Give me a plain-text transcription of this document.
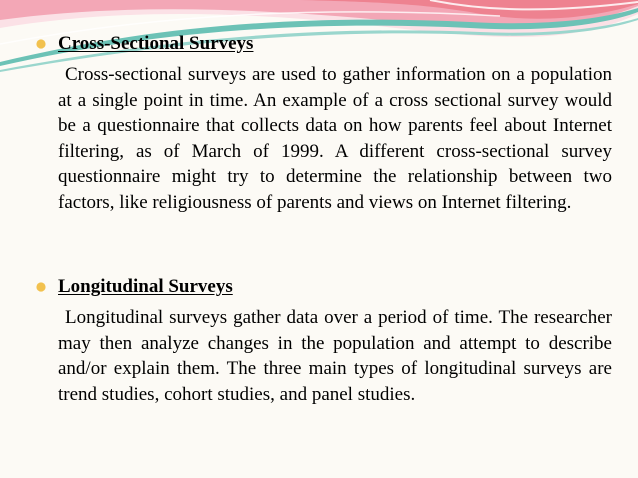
Cross-Sectional Surveys

Cross-sectional surveys are used to gather information on a population at a single point in time. An example of a cross sectional survey would be a questionnaire that collects data on how parents feel about Internet filtering, as of March of 1999. A different cross-sectional survey questionnaire might try to determine the relationship between two factors, like religiousness of parents and views on Internet filtering.

Longitudinal Surveys

Longitudinal surveys gather data over a period of time. The researcher may then analyze changes in the population and attempt to describe and/or explain them. The three main types of longitudinal surveys are trend studies, cohort studies, and panel studies.
